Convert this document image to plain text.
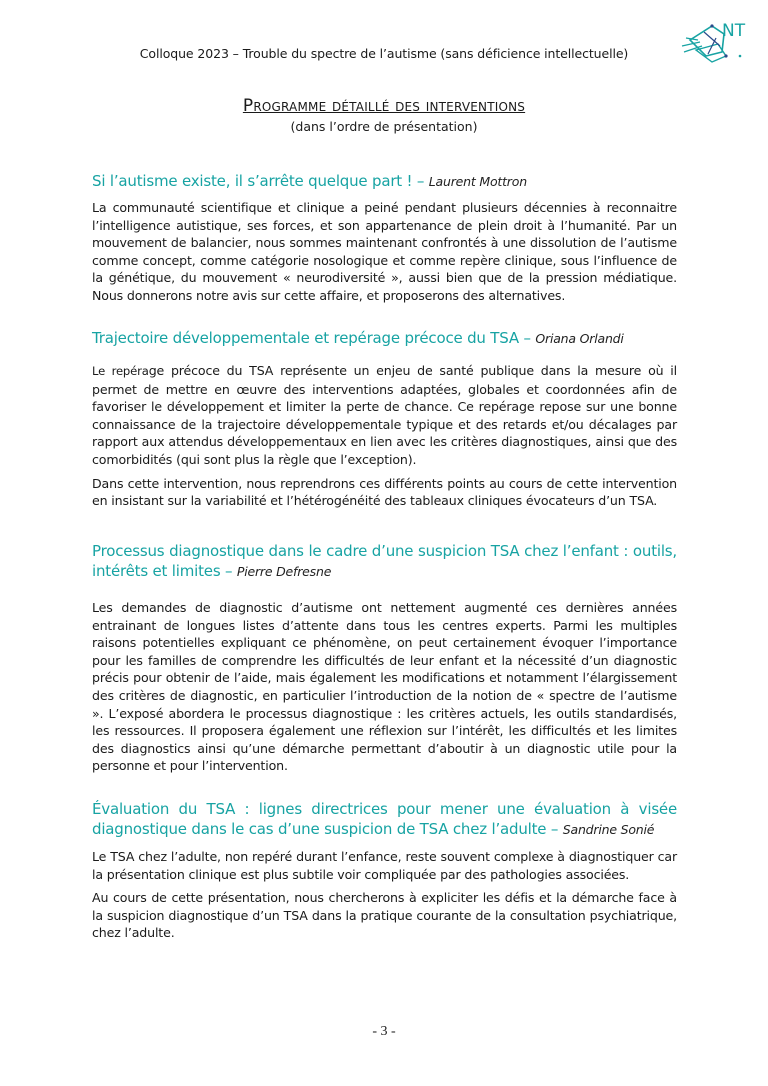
Colloque 2023 – Trouble du spectre de l’autisme (sans déficience intellectuelle)
NT
Programme détaillé des interventions
(dans l’ordre de présentation)
Si l’autisme existe, il s’arrête quelque part ! – Laurent Mottron
La communauté scientifique et clinique a peiné pendant plusieurs décennies à reconnaitre l’intelligence autistique, ses forces, et son appartenance de plein droit à l’humanité. Par un mouvement de balancier, nous sommes maintenant confrontés à une dissolution de l’autisme comme concept, comme catégorie nosologique et comme repère clinique, sous l’influence de la génétique, du mouvement « neurodiversité », aussi bien que de la pression médiatique. Nous donnerons notre avis sur cette affaire, et proposerons des alternatives.
Trajectoire développementale et repérage précoce du TSA – Oriana Orlandi
Le repérage précoce du TSA représente un enjeu de santé publique dans la mesure où il permet de mettre en œuvre des interventions adaptées, globales et coordonnées afin de favoriser le développement et limiter la perte de chance. Ce repérage repose sur une bonne connaissance de la trajectoire développementale typique et des retards et/ou décalages par rapport aux attendus développementaux en lien avec les critères diagnostiques, ainsi que des comorbidités (qui sont plus la règle que l’exception).
Dans cette intervention, nous reprendrons ces différents points au cours de cette intervention en insistant sur la variabilité et l’hétérogénéité des tableaux cliniques évocateurs d’un TSA.
Processus diagnostique dans le cadre d’une suspicion TSA chez l’enfant : outils, intérêts et limites – Pierre Defresne
Les demandes de diagnostic d’autisme ont nettement augmenté ces dernières années entrainant de longues listes d’attente dans tous les centres experts. Parmi les multiples raisons potentielles expliquant ce phénomène, on peut certainement évoquer l’importance pour les familles de comprendre les difficultés de leur enfant et la nécessité d’un diagnostic précis pour obtenir de l’aide, mais également les modifications et notamment l’élargissement des critères de diagnostic, en particulier l’introduction de la notion de « spectre de l’autisme ». L’exposé abordera le processus diagnostique : les critères actuels, les outils standardisés, les ressources. Il proposera également une réflexion sur l’intérêt, les difficultés et les limites des diagnostics ainsi qu’une démarche permettant d’aboutir à un diagnostic utile pour la personne et pour l’intervention.
Évaluation du TSA : lignes directrices pour mener une évaluation à visée diagnostique dans le cas d’une suspicion de TSA chez l’adulte – Sandrine Sonié
Le TSA chez l’adulte, non repéré durant l’enfance, reste souvent complexe à diagnostiquer car la présentation clinique est plus subtile voir compliquée par des pathologies associées.
Au cours de cette présentation, nous chercherons à expliciter les défis et la démarche face à la suspicion diagnostique d’un TSA dans la pratique courante de la consultation psychiatrique, chez l’adulte.
- 3 -
